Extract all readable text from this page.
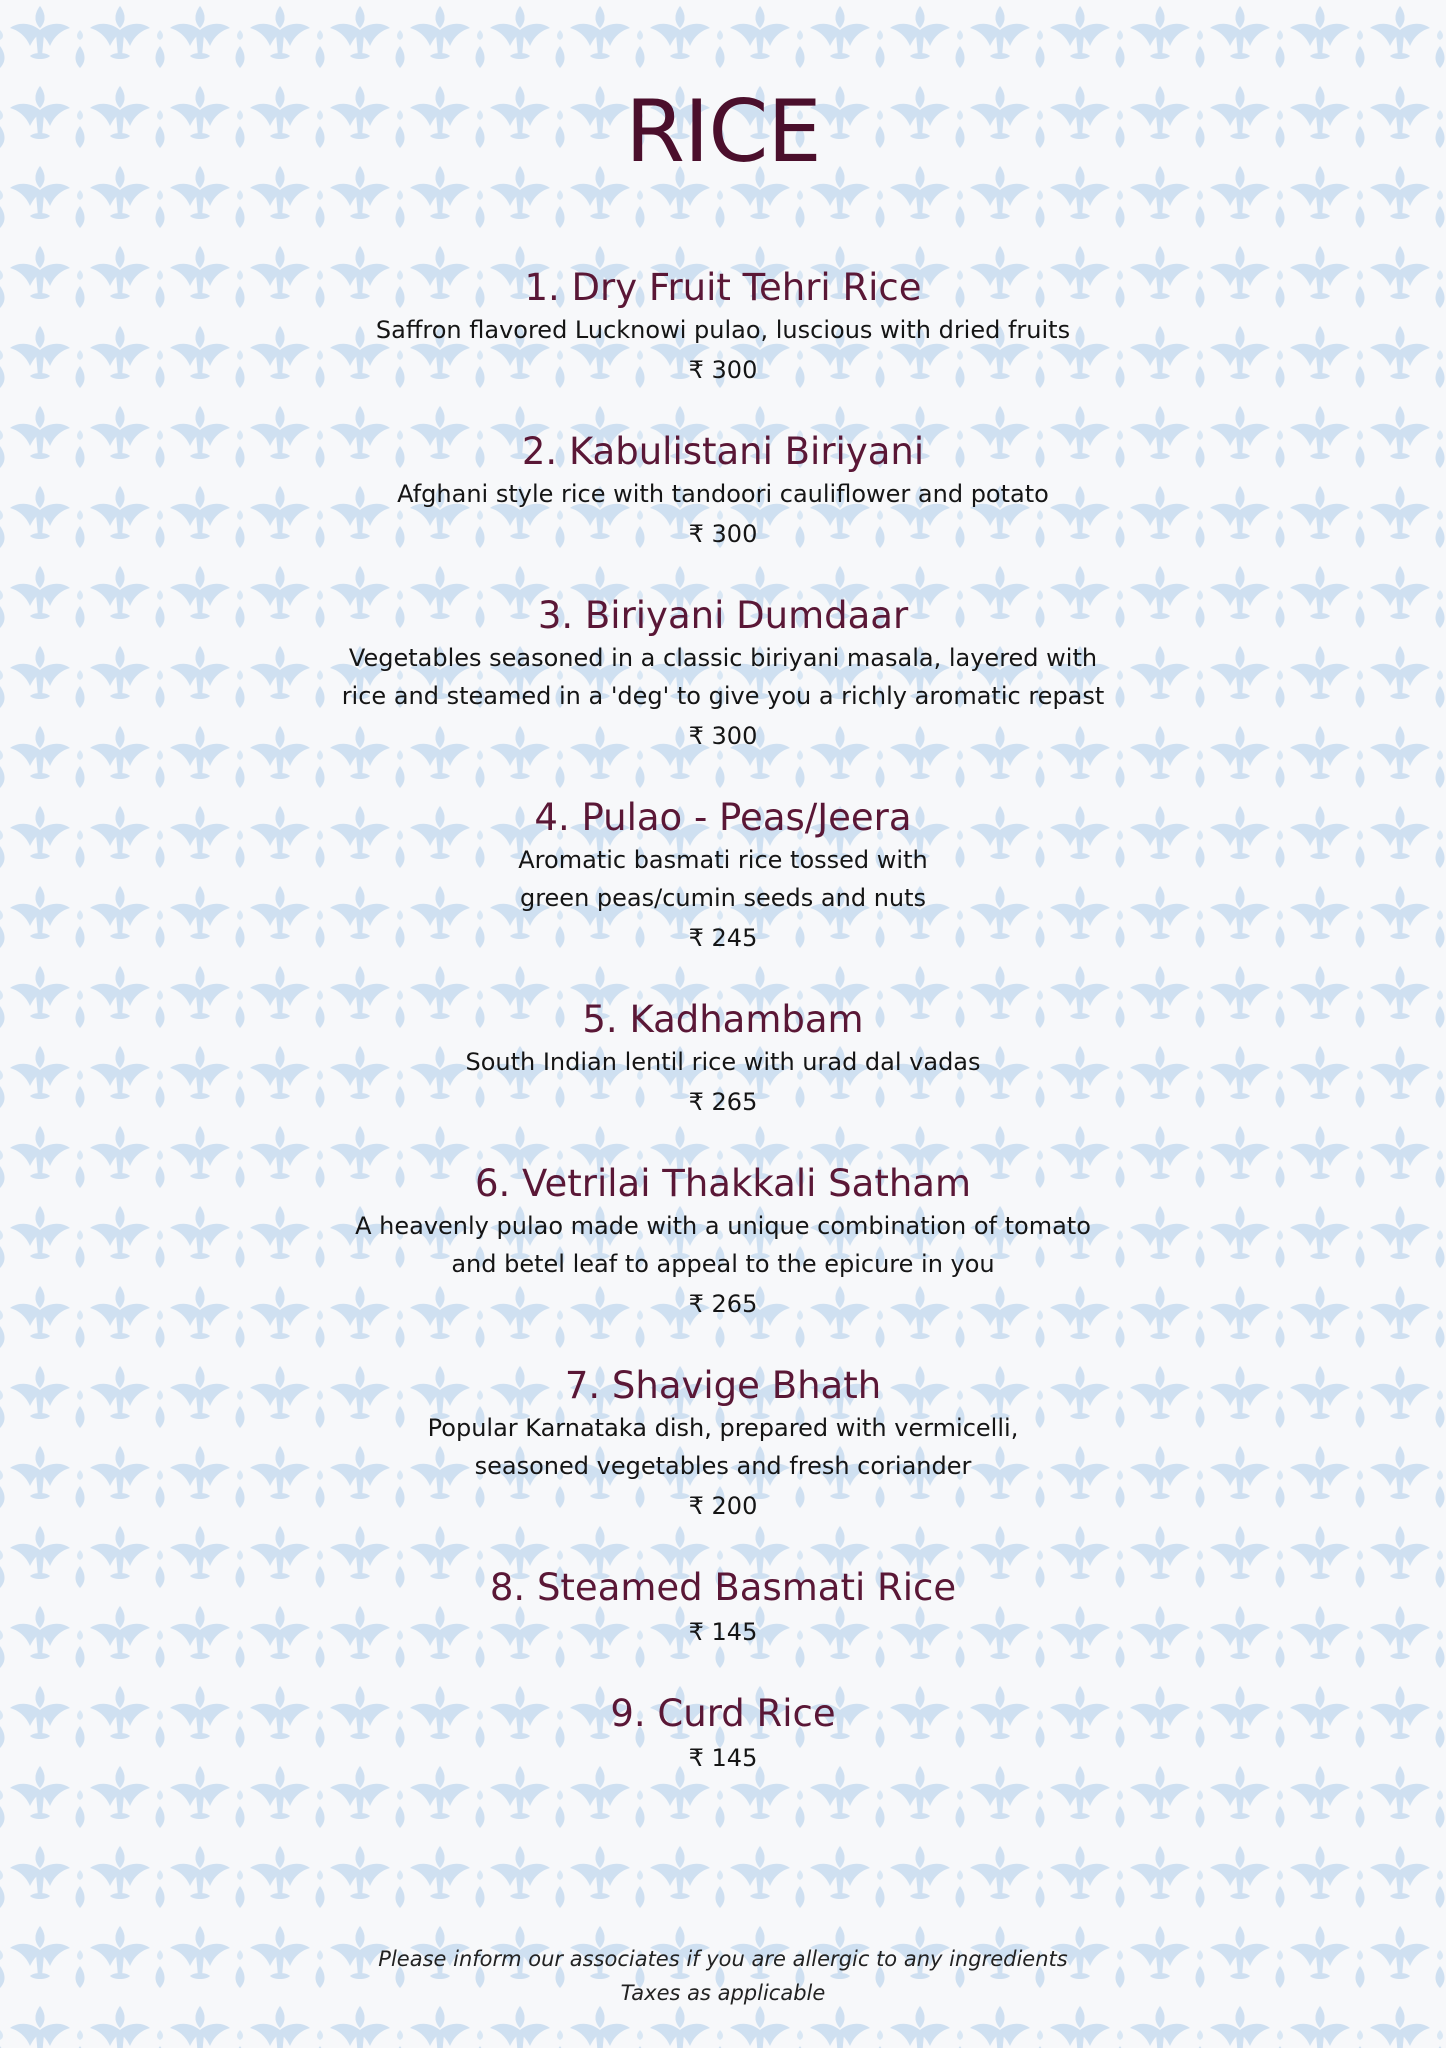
RICE
1. Dry Fruit Tehri Rice
Saffron flavored Lucknowi pulao, luscious with dried fruits
₹ 300
2. Kabulistani Biriyani
Afghani style rice with tandoori cauliflower and potato
₹ 300
3. Biriyani Dumdaar
Vegetables seasoned in a classic biriyani masala, layered with
rice and steamed in a 'deg' to give you a richly aromatic repast
₹ 300
4. Pulao - Peas/Jeera
Aromatic basmati rice tossed with
green peas/cumin seeds and nuts
₹ 245
5. Kadhambam
South Indian lentil rice with urad dal vadas
₹ 265
6. Vetrilai Thakkali Satham
A heavenly pulao made with a unique combination of tomato
and betel leaf to appeal to the epicure in you
₹ 265
7. Shavige Bhath
Popular Karnataka dish, prepared with vermicelli,
seasoned vegetables and fresh coriander
₹ 200
8. Steamed Basmati Rice
₹ 145
9. Curd Rice
₹ 145
Please inform our associates if you are allergic to any ingredients
Taxes as applicable
